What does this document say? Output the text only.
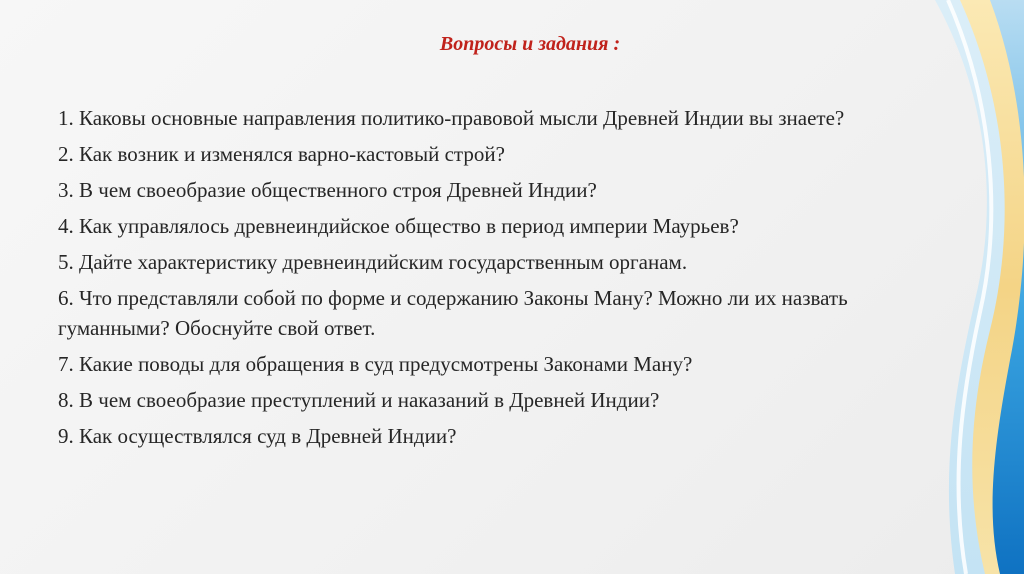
Вопросы и задания :
1. Каковы основные направления политико-правовой мысли Древней Индии вы знаете?
2. Как возник и изменялся варно-кастовый строй?
3. В чем своеобразие общественного строя Древней Индии?
4. Как управлялось древнеиндийское общество в период империи Маурьев?
5. Дайте характеристику древнеиндийским государственным органам.
6. Что представляли собой по форме и содержанию Законы Ману? Можно ли их назвать гуманными? Обоснуйте свой ответ.
7. Какие поводы для обращения в суд предусмотрены Законами Ману?
8. В чем своеобразие преступлений и наказаний в Древней Индии?
9. Как осуществлялся суд в Древней Индии?
